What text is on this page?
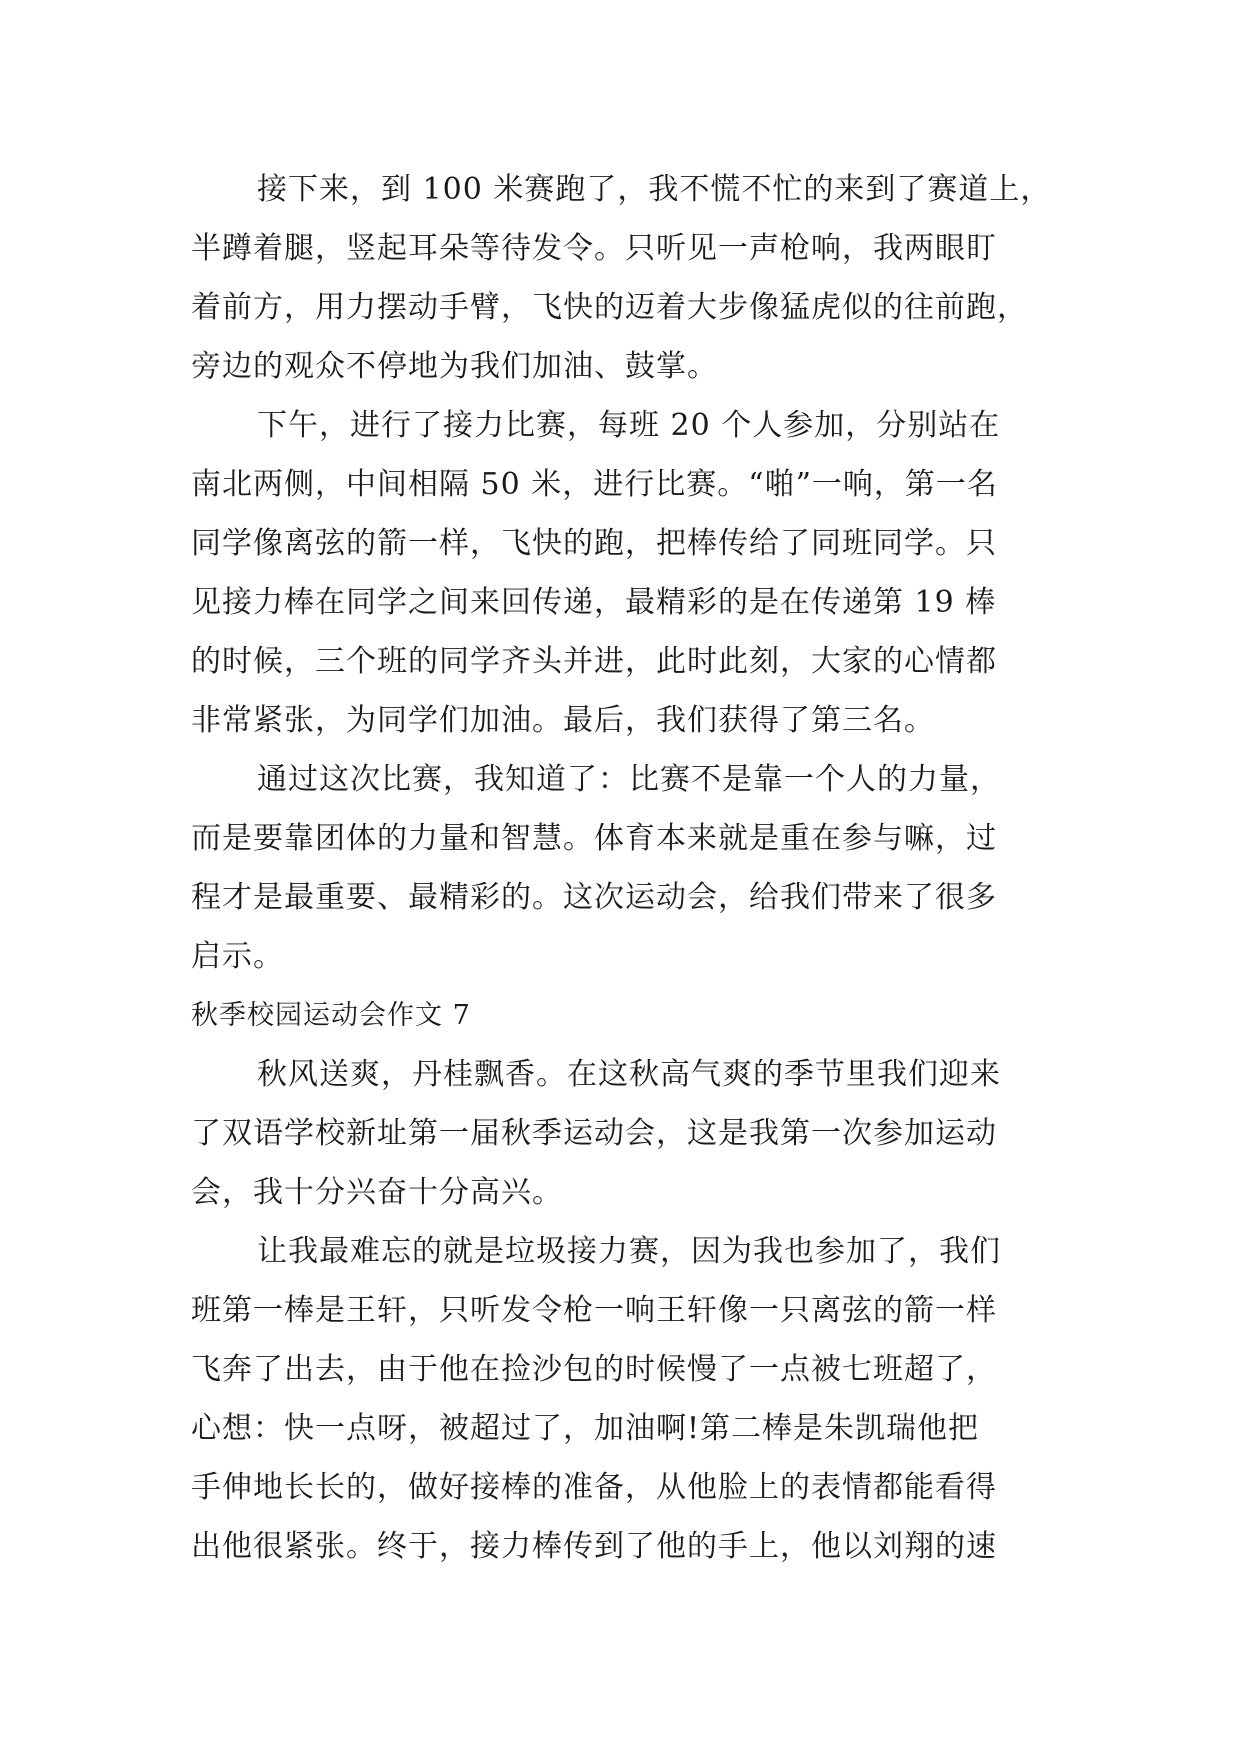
接下来，到 100 米赛跑了，我不慌不忙的来到了赛道上，
半蹲着腿，竖起耳朵等待发令。只听见一声枪响，我两眼盯
着前方，用力摆动手臂，飞快的迈着大步像猛虎似的往前跑，
旁边的观众不停地为我们加油、鼓掌。
下午，进行了接力比赛，每班 20 个人参加，分别站在
南北两侧，中间相隔 50 米，进行比赛。“啪”一响，第一名
同学像离弦的箭一样，飞快的跑，把棒传给了同班同学。只
见接力棒在同学之间来回传递，最精彩的是在传递第 19 棒
的时候，三个班的同学齐头并进，此时此刻，大家的心情都
非常紧张，为同学们加油。最后，我们获得了第三名。
通过这次比赛，我知道了：比赛不是靠一个人的力量，
而是要靠团体的力量和智慧。体育本来就是重在参与嘛，过
程才是最重要、最精彩的。这次运动会，给我们带来了很多
启示。
秋季校园运动会作文 7
秋风送爽，丹桂飘香。在这秋高气爽的季节里我们迎来
了双语学校新址第一届秋季运动会，这是我第一次参加运动
会，我十分兴奋十分高兴。
让我最难忘的就是垃圾接力赛，因为我也参加了，我们
班第一棒是王轩，只听发令枪一响王轩像一只离弦的箭一样
飞奔了出去，由于他在捡沙包的时候慢了一点被七班超了，
心想：快一点呀，被超过了，加油啊!第二棒是朱凯瑞他把
手伸地长长的，做好接棒的准备，从他脸上的表情都能看得
出他很紧张。终于，接力棒传到了他的手上，他以刘翔的速
